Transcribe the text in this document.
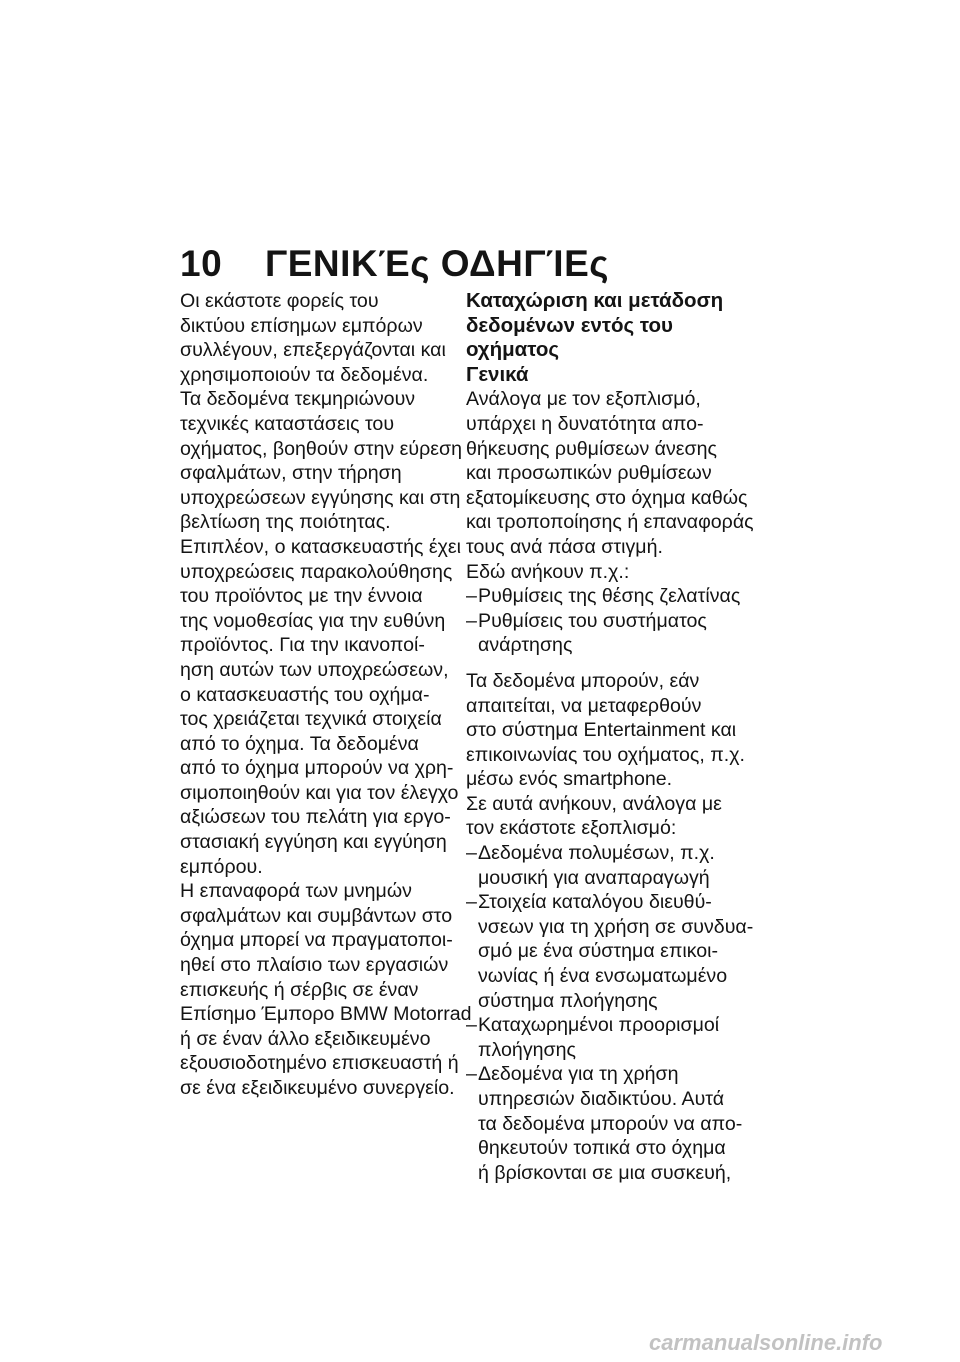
10 ΓΕΝΙΚΈς ΟΔΗΓΊΕς
Οι εκάστοτε φορείς του
δικτύου επίσημων εμπόρων
συλλέγουν, επεξεργάζονται και
χρησιμοποιούν τα δεδομένα.
Τα δεδομένα τεκμηριώνουν
τεχνικές καταστάσεις του
οχήματος, βοηθούν στην εύρεση
σφαλμάτων, στην τήρηση
υποχρεώσεων εγγύησης και στη
βελτίωση της ποιότητας.
Επιπλέον, ο κατασκευαστής έχει
υποχρεώσεις παρακολούθησης
του προϊόντος με την έννοια
της νομοθεσίας για την ευθύνη
προϊόντος. Για την ικανοποί-
ηση αυτών των υποχρεώσεων,
ο κατασκευαστής του οχήμα-
τος χρειάζεται τεχνικά στοιχεία
από το όχημα. Τα δεδομένα
από το όχημα μπορούν να χρη-
σιμοποιηθούν και για τον έλεγχο
αξιώσεων του πελάτη για εργο-
στασιακή εγγύηση και εγγύηση
εμπόρου.
Η επαναφορά των μνημών
σφαλμάτων και συμβάντων στο
όχημα μπορεί να πραγματοποι-
ηθεί στο πλαίσιο των εργασιών
επισκευής ή σέρβις σε έναν
Επίσημο Έμπορο BMW Motorrad
ή σε έναν άλλο εξειδικευμένο
εξουσιοδοτημένο επισκευαστή ή
σε ένα εξειδικευμένο συνεργείο.
Καταχώριση και μετάδοση
δεδομένων εντός του
οχήματος
Γενικά
Ανάλογα με τον εξοπλισμό,
υπάρχει η δυνατότητα απο-
θήκευσης ρυθμίσεων άνεσης
και προσωπικών ρυθμίσεων
εξατομίκευσης στο όχημα καθώς
και τροποποίησης ή επαναφοράς
τους ανά πάσα στιγμή.
Εδώ ανήκουν π.χ.:
–Ρυθμίσεις της θέσης ζελατίνας
–Ρυθμίσεις του συστήματος
ανάρτησης
Τα δεδομένα μπορούν, εάν
απαιτείται, να μεταφερθούν
στο σύστημα Entertainment και
επικοινωνίας του οχήματος, π.χ.
μέσω ενός smartphone.
Σε αυτά ανήκουν, ανάλογα με
τον εκάστοτε εξοπλισμό:
–Δεδομένα πολυμέσων, π.χ.
μουσική για αναπαραγωγή
–Στοιχεία καταλόγου διευθύ-
νσεων για τη χρήση σε συνδυα-
σμό με ένα σύστημα επικοι-
νωνίας ή ένα ενσωματωμένο
σύστημα πλοήγησης
–Καταχωρημένοι προορισμοί
πλοήγησης
–Δεδομένα για τη χρήση
υπηρεσιών διαδικτύου. Αυτά
τα δεδομένα μπορούν να απο-
θηκευτούν τοπικά στο όχημα
ή βρίσκονται σε μια συσκευή,
carmanualsonline.info
